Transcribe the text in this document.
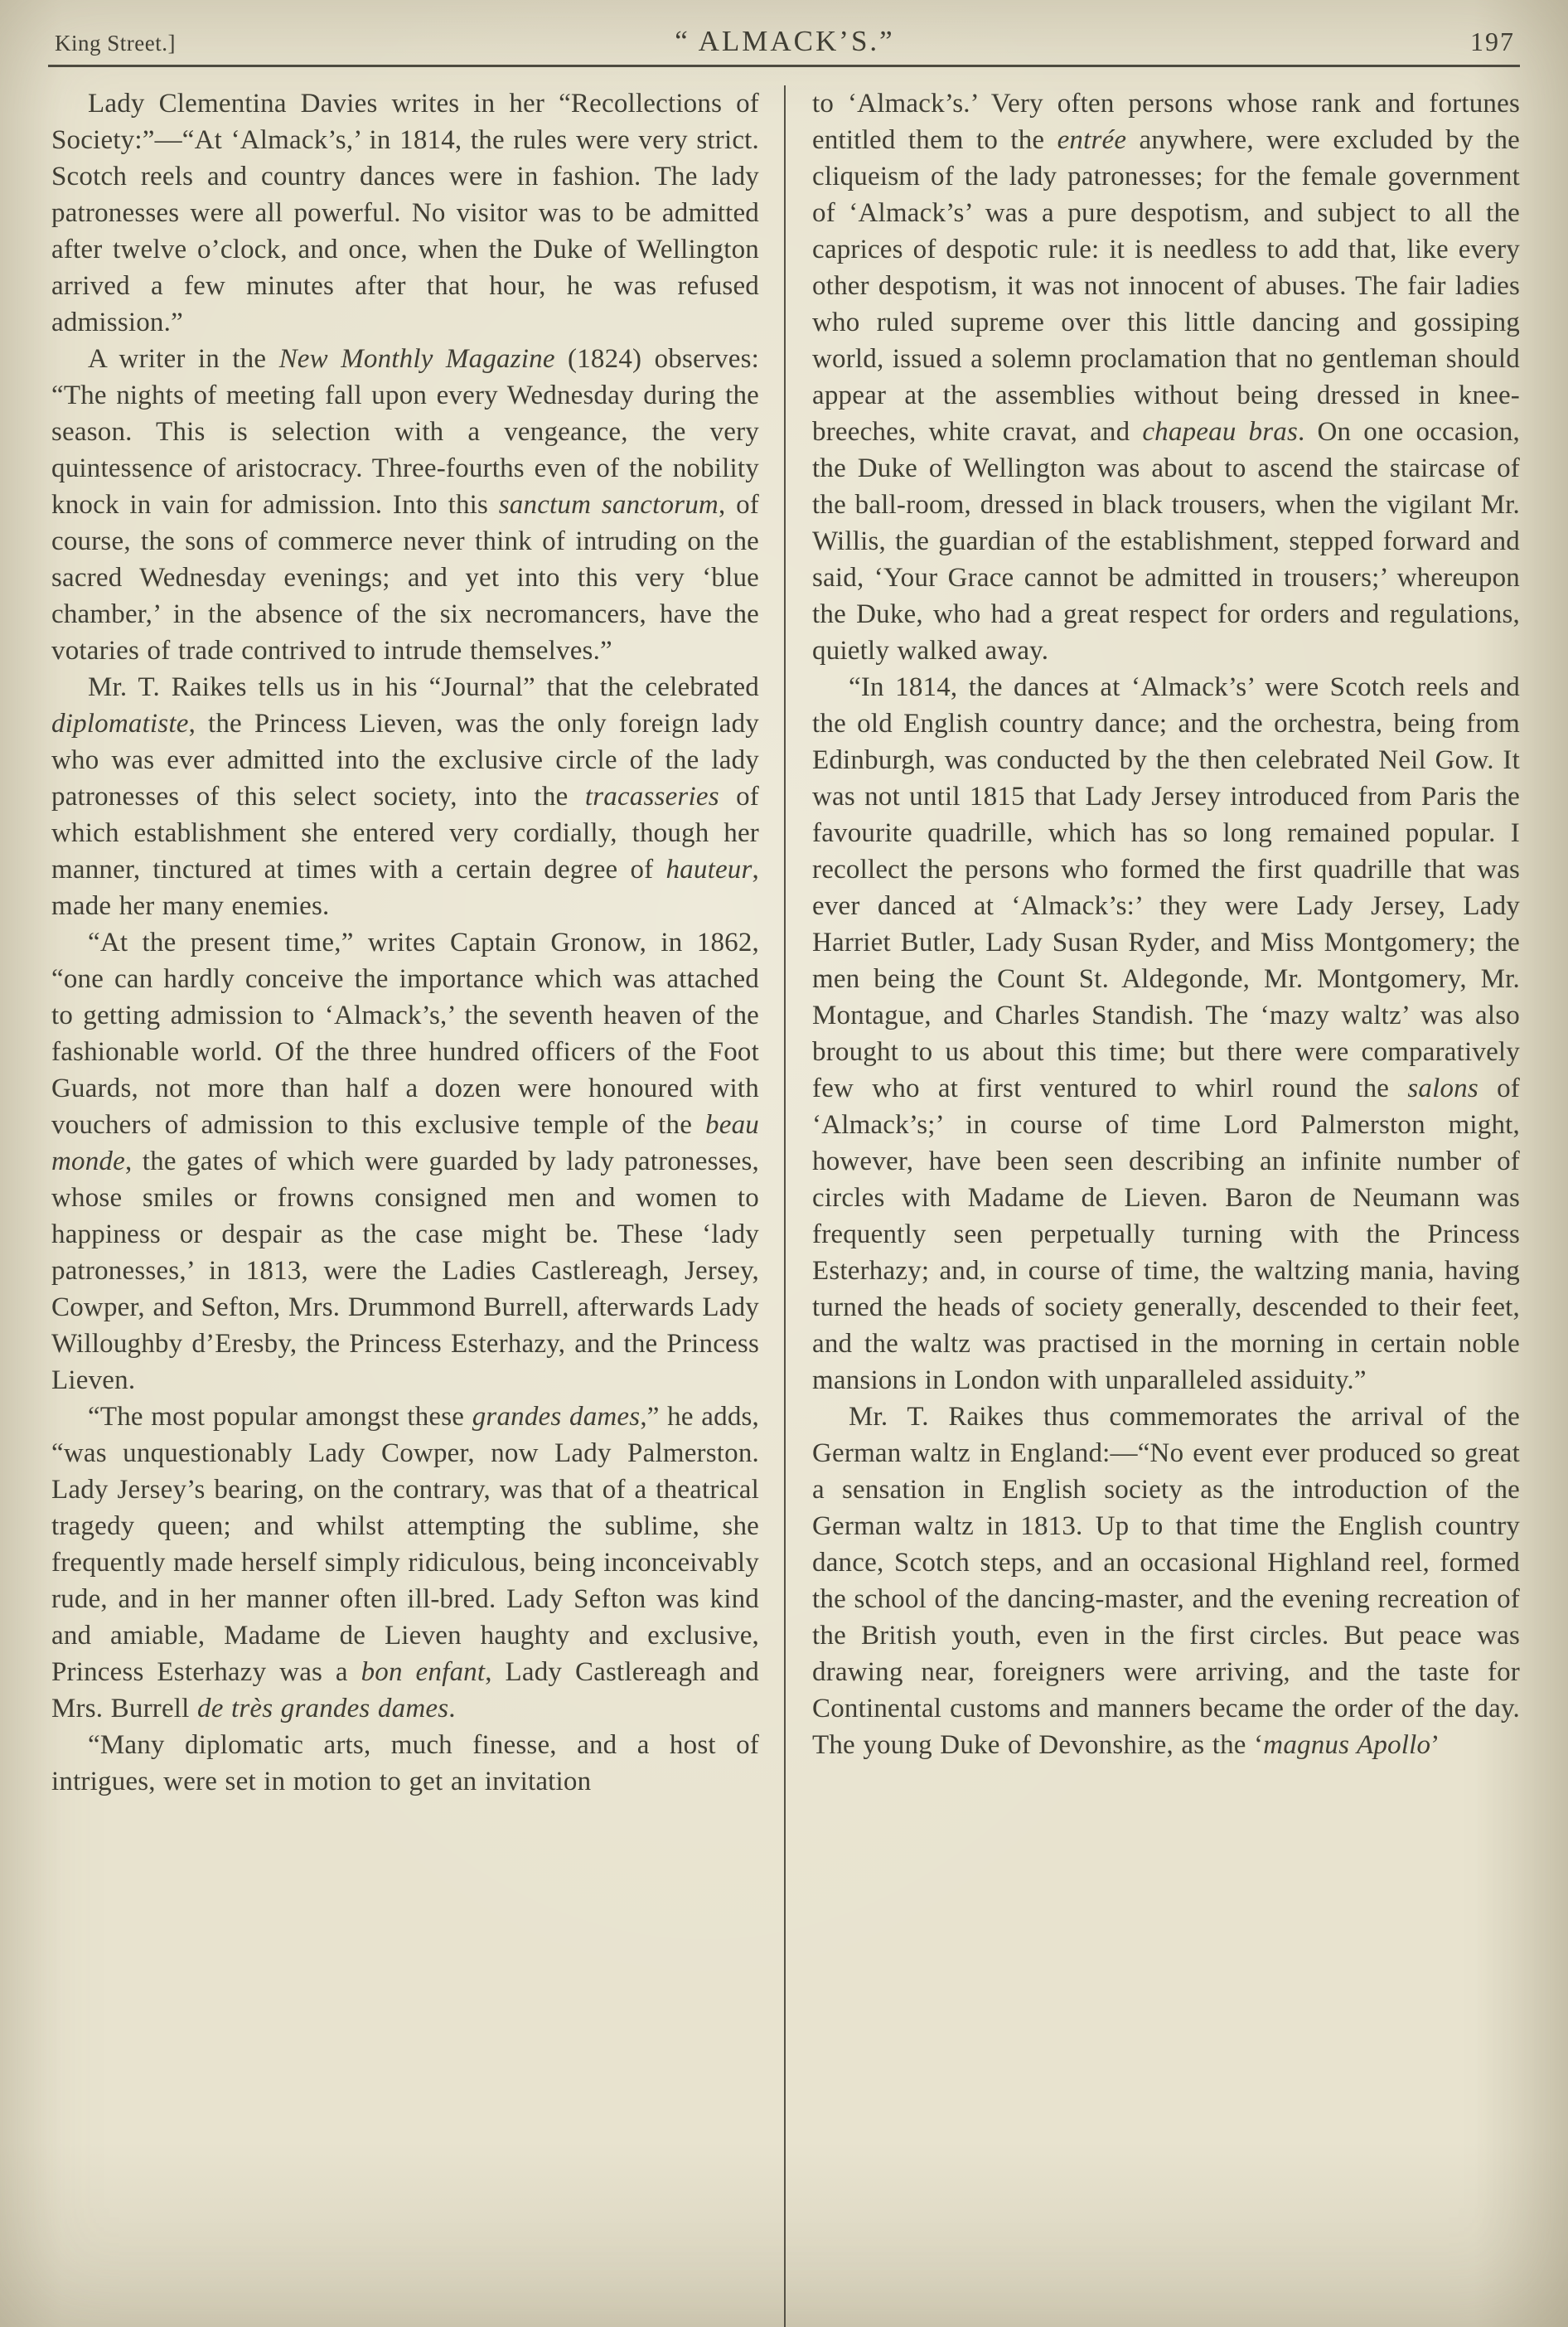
King Street.]	“ ALMACK’S.”	197

Lady Clementina Davies writes in her “Recollections of Society:”—“At ‘Almack’s,’ in 1814, the rules were very strict. Scotch reels and country dances were in fashion. The lady patronesses were all powerful. No visitor was to be admitted after twelve o’clock, and once, when the Duke of Wellington arrived a few minutes after that hour, he was refused admission.”

A writer in the New Monthly Magazine (1824) observes: “The nights of meeting fall upon every Wednesday during the season. This is selection with a vengeance, the very quintessence of aristocracy. Three-fourths even of the nobility knock in vain for admission. Into this sanctum sanctorum, of course, the sons of commerce never think of intruding on the sacred Wednesday evenings; and yet into this very ‘blue chamber,’ in the absence of the six necromancers, have the votaries of trade contrived to intrude themselves.”

Mr. T. Raikes tells us in his “Journal” that the celebrated diplomatiste, the Princess Lieven, was the only foreign lady who was ever admitted into the exclusive circle of the lady patronesses of this select society, into the tracasseries of which establishment she entered very cordially, though her manner, tinctured at times with a certain degree of hauteur, made her many enemies.

“At the present time,” writes Captain Gronow, in 1862, “one can hardly conceive the importance which was attached to getting admission to ‘Almack’s,’ the seventh heaven of the fashionable world. Of the three hundred officers of the Foot Guards, not more than half a dozen were honoured with vouchers of admission to this exclusive temple of the beau monde, the gates of which were guarded by lady patronesses, whose smiles or frowns consigned men and women to happiness or despair as the case might be. These ‘lady patronesses,’ in 1813, were the Ladies Castlereagh, Jersey, Cowper, and Sefton, Mrs. Drummond Burrell, afterwards Lady Willoughby d’Eresby, the Princess Esterhazy, and the Princess Lieven.

“The most popular amongst these grandes dames,” he adds, “was unquestionably Lady Cowper, now Lady Palmerston. Lady Jersey’s bearing, on the contrary, was that of a theatrical tragedy queen; and whilst attempting the sublime, she frequently made herself simply ridiculous, being inconceivably rude, and in her manner often ill-bred. Lady Sefton was kind and amiable, Madame de Lieven haughty and exclusive, Princess Esterhazy was a bon enfant, Lady Castlereagh and Mrs. Burrell de très grandes dames.

“Many diplomatic arts, much finesse, and a host of intrigues, were set in motion to get an invitation

to ‘Almack’s.’ Very often persons whose rank and fortunes entitled them to the entrée anywhere, were excluded by the cliqueism of the lady patronesses; for the female government of ‘Almack’s’ was a pure despotism, and subject to all the caprices of despotic rule: it is needless to add that, like every other despotism, it was not innocent of abuses. The fair ladies who ruled supreme over this little dancing and gossiping world, issued a solemn proclamation that no gentleman should appear at the assemblies without being dressed in knee-breeches, white cravat, and chapeau bras. On one occasion, the Duke of Wellington was about to ascend the staircase of the ball-room, dressed in black trousers, when the vigilant Mr. Willis, the guardian of the establishment, stepped forward and said, ‘Your Grace cannot be admitted in trousers;’ whereupon the Duke, who had a great respect for orders and regulations, quietly walked away.

“In 1814, the dances at ‘Almack’s’ were Scotch reels and the old English country dance; and the orchestra, being from Edinburgh, was conducted by the then celebrated Neil Gow. It was not until 1815 that Lady Jersey introduced from Paris the favourite quadrille, which has so long remained popular. I recollect the persons who formed the first quadrille that was ever danced at ‘Almack’s:’ they were Lady Jersey, Lady Harriet Butler, Lady Susan Ryder, and Miss Montgomery; the men being the Count St. Aldegonde, Mr. Montgomery, Mr. Montague, and Charles Standish. The ‘mazy waltz’ was also brought to us about this time; but there were comparatively few who at first ventured to whirl round the salons of ‘Almack’s;’ in course of time Lord Palmerston might, however, have been seen describing an infinite number of circles with Madame de Lieven. Baron de Neumann was frequently seen perpetually turning with the Princess Esterhazy; and, in course of time, the waltzing mania, having turned the heads of society generally, descended to their feet, and the waltz was practised in the morning in certain noble mansions in London with unparalleled assiduity.”

Mr. T. Raikes thus commemorates the arrival of the German waltz in England:—“No event ever produced so great a sensation in English society as the introduction of the German waltz in 1813. Up to that time the English country dance, Scotch steps, and an occasional Highland reel, formed the school of the dancing-master, and the evening recreation of the British youth, even in the first circles. But peace was drawing near, foreigners were arriving, and the taste for Continental customs and manners became the order of the day. The young Duke of Devonshire, as the ‘magnus Apollo’
